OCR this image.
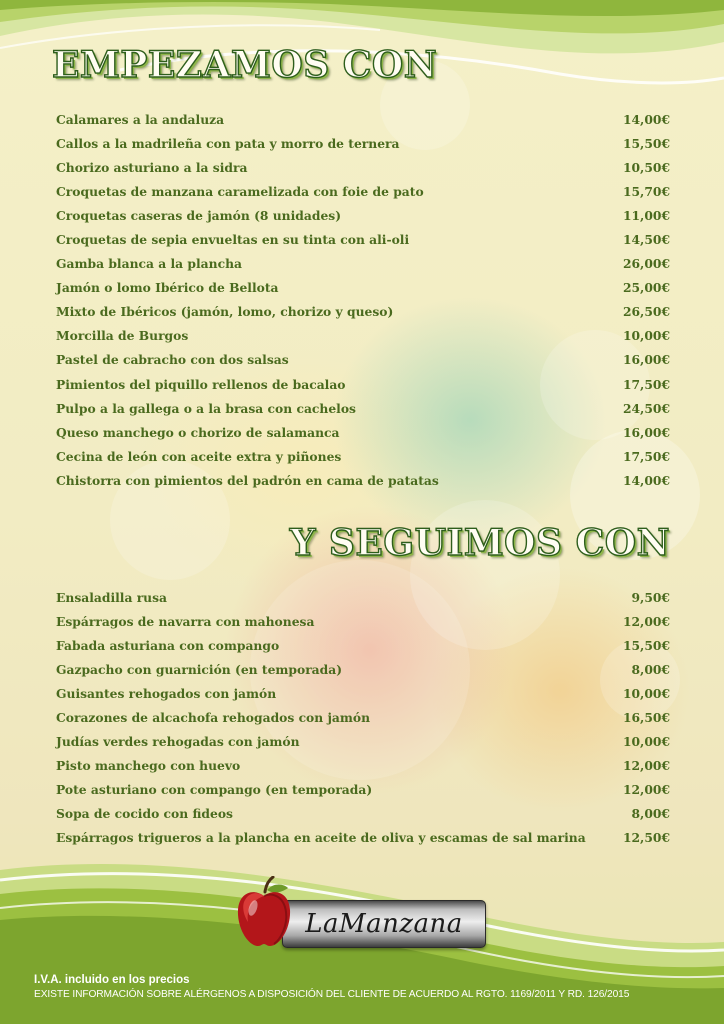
EMPEZAMOS CON
Calamares a la andaluza	14,00€
Callos a la madrileña con pata y morro de ternera	15,50€
Chorizo asturiano a la sidra	10,50€
Croquetas de manzana caramelizada con foie de pato	15,70€
Croquetas caseras de jamón (8 unidades)	11,00€
Croquetas de sepia envueltas en su tinta con ali-oli	14,50€
Gamba blanca a la plancha	26,00€
Jamón o lomo Ibérico de Bellota	25,00€
Mixto de Ibéricos (jamón, lomo, chorizo y queso)	26,50€
Morcilla de Burgos	10,00€
Pastel de cabracho con dos salsas	16,00€
Pimientos del piquillo rellenos de bacalao	17,50€
Pulpo a la gallega o a la brasa con cachelos	24,50€
Queso manchego o chorizo de salamanca	16,00€
Cecina de león con aceite extra y piñones	17,50€
Chistorra con pimientos del padrón en cama de patatas	14,00€
Y SEGUIMOS CON
Ensaladilla rusa	9,50€
Espárragos de navarra con mahonesa	12,00€
Fabada asturiana con compango	15,50€
Gazpacho con guarnición (en temporada)	8,00€
Guisantes rehogados con jamón	10,00€
Corazones de alcachofa rehogados con jamón	16,50€
Judías verdes rehogadas con jamón	10,00€
Pisto manchego con huevo	12,00€
Pote asturiano con compango (en temporada)	12,00€
Sopa de cocido con fideos	8,00€
Espárragos trigueros a la plancha en aceite de oliva y escamas de sal marina	12,50€
LaManzana

I.V.A. incluido en los precios

EXISTE INFORMACIÓN SOBRE ALÉRGENOS A DISPOSICIÓN DEL CLIENTE DE ACUERDO AL RGTO. 1169/2011 Y RD. 126/2015
